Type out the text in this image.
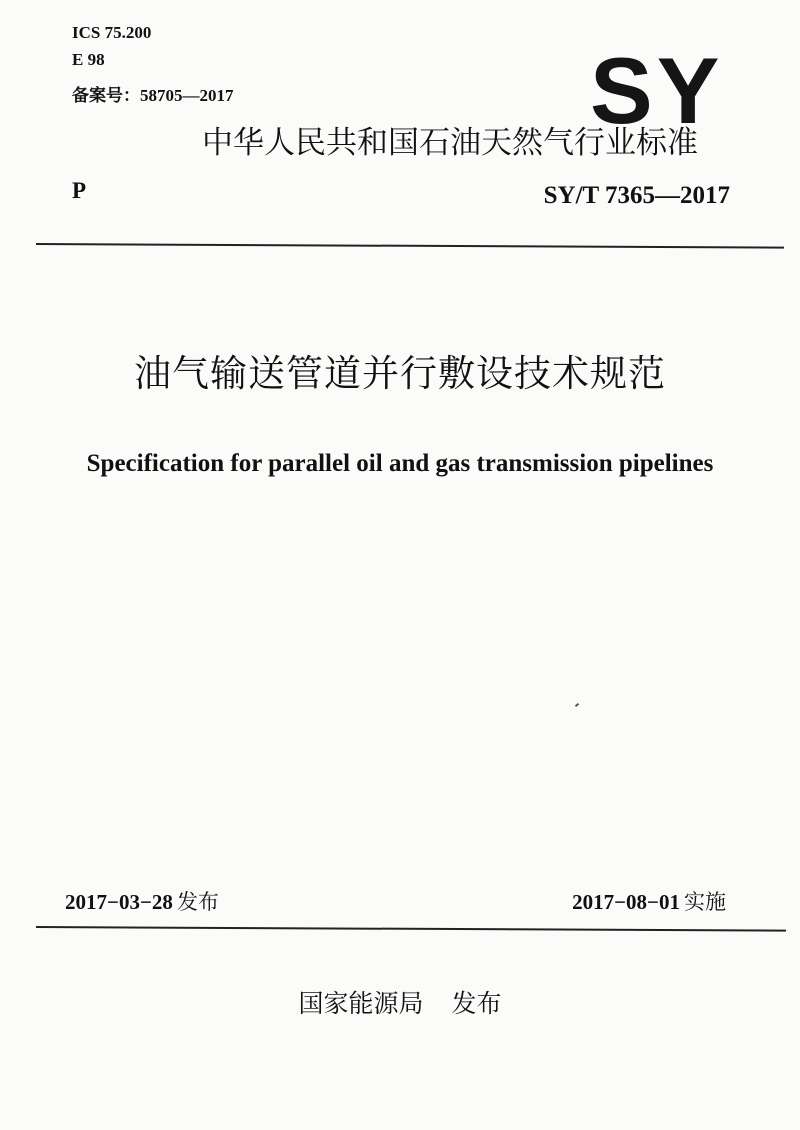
ICS 75.200
E 98
备案号：58705—2017	SY
中华人民共和国石油天然气行业标准
P	SY/T 7365—2017
油气输送管道并行敷设技术规范
Specification for parallel oil and gas transmission pipelines
2017−03−28 发布	2017−08−01 实施
国家能源局 发布
